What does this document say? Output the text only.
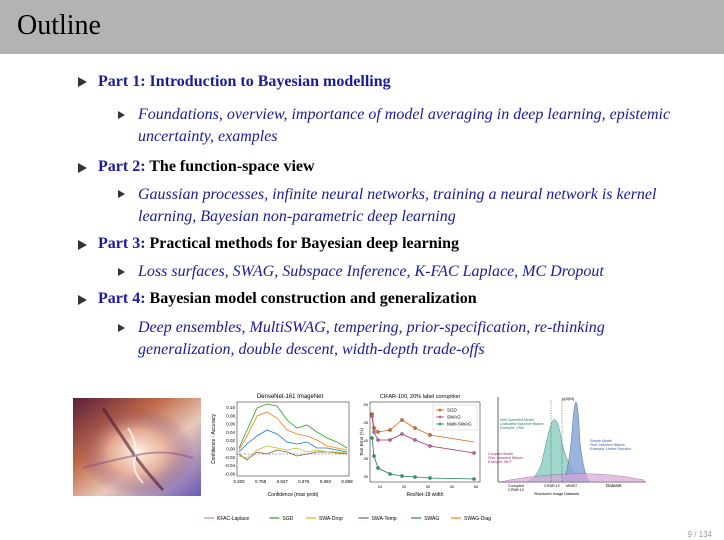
Outline
Part 1: Introduction to Bayesian modelling
Foundations, overview, importance of model averaging in deep learning, epistemic uncertainty, examples
Part 2: The function-space view
Gaussian processes, infinite neural networks, training a neural network is kernel learning, Bayesian non-parametric deep learning
Part 3: Practical methods for Bayesian deep learning
Loss surfaces, SWAG, Subspace Inference, K-FAC Laplace, MC Dropout
Part 4: Bayesian model construction and generalization
Deep ensembles, MultiSWAG, tempering, prior-specification, re-thinking generalization, double descent, width-depth trade-offs
DenseNet-161 ImageNet
0.10
0.08
0.06
0.04
0.02
0.00
-0.02
-0.04
-0.06
0.200 0.759 0.927 0.976 0.993 0.998
Confidence (max prob)
Confidence - Accuracy
CIFAR-100, 20% label corruption
50
45
40
35
30
10	20	30	40	50
SGD
SWAG
Multi-SWAG
ResNet-18 width
Test Error (%)
p(D|M)
Well-Specified Model
Calibrated Inductive Biases
Example: CNN
Simple Model
Poor Inductive Biases
Example: Linear Function
Complex Model
Poor Inductive Biases
Example: MLP
Corrupted
CIFAR-10
CIFAR-10 MNIST	Dataset
Structured Image Datasets
KFAC-Laplace	SGD	SWA-Drop	SWA-Temp	SWAG	SWAG-Diag
9 / 134
